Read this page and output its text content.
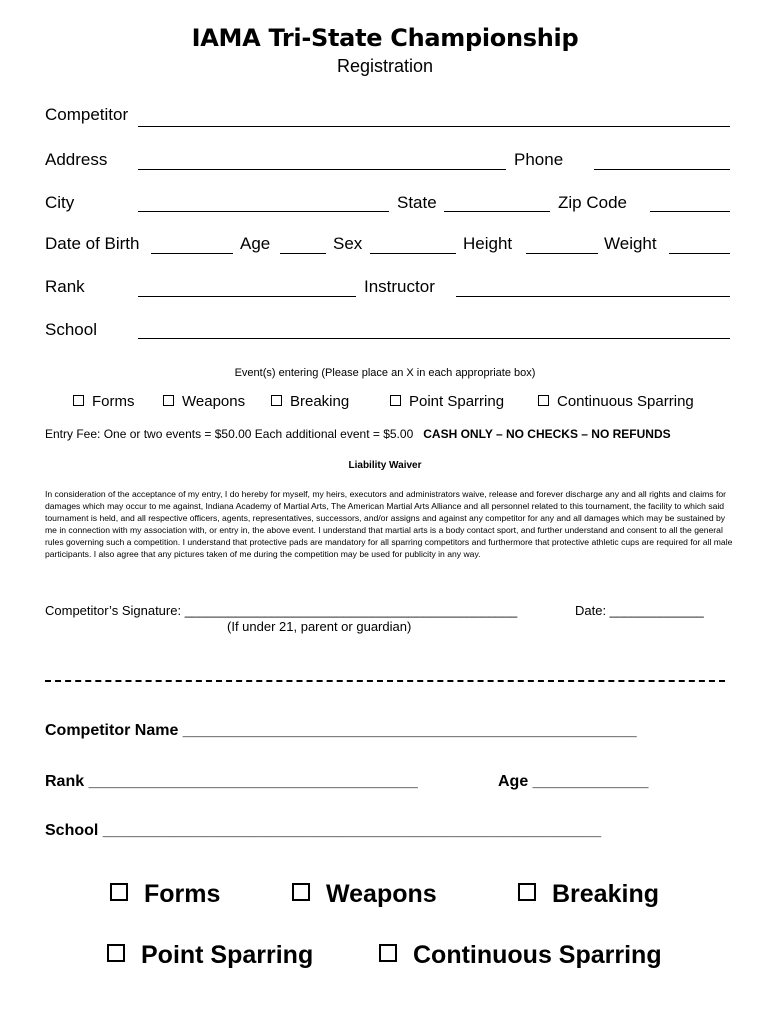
IAMA Tri-State Championship
Registration
Competitor
Address	Phone
City	State	Zip Code
Date of Birth	Age	Sex	Height	Weight
Rank	Instructor
School
Event(s) entering (Please place an X in each appropriate box)
Forms	Weapons	Breaking	Point Sparring	Continuous Sparring
Entry Fee: One or two events = $50.00 Each additional event = $5.00 CASH ONLY – NO CHECKS – NO REFUNDS
Liability Waiver
In consideration of the acceptance of my entry, I do hereby for myself, my heirs, executors and administrators waive, release and forever discharge any and all rights and claims for damages which may occur to me against, Indiana Academy of Martial Arts, The American Martial Arts Alliance and all personnel related to this tournament, the facility to which said tournament is held, and all respective officers, agents, representatives, successors, and/or assigns and against any competitor for any and all damages which may be sustained by me in connection with my association with, or entry in, the above event. I understand that martial arts is a body contact sport, and further understand and consent to all the general rules governing such a competition. I understand that protective pads are mandatory for all sparring competitors and furthermore that protective athletic cups are required for all male participants. I also agree that any pictures taken of me during the competition may be used for publicity in any way.
Competitor’s Signature: ______________________________________________	Date: _____________
(If under 21, parent or guardian)
Competitor Name ___________________________________________________
Rank _____________________________________	Age _____________
School ________________________________________________________
Forms	Weapons	Breaking
Point Sparring	Continuous Sparring
